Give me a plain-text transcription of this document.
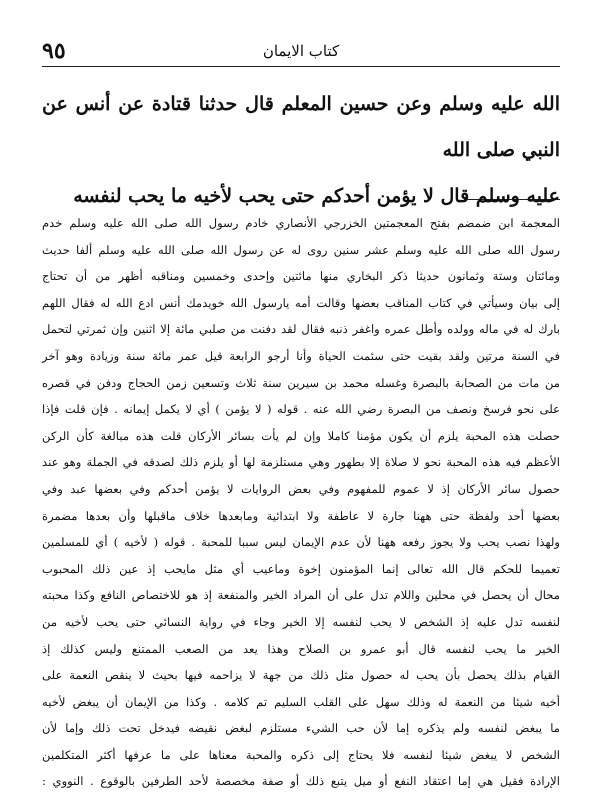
كتاب الايمان
٩٥
الله عليه وسلم وعن حسين المعلم قال حدثنا قتادة عن أنس عن النبي صلى الله
عليه وسلم قال لا يؤمن أحدكم حتى يحب لأخيه ما يحب لنفسه
المعجمة ابن ضمضم بفتح المعجمتين الخزرجي الأنصاري خادم رسول الله صلى الله عليه وسلم خدم
رسول الله صلى الله عليه وسلم عشر سنين روى له عن رسول الله صلى الله عليه وسلم ألفا حديث
ومائتان وستة وثمانون حديثا ذكر البخاري منها مائتين وإحدى وخمسين ومناقبه أظهر من أن تحتاج
إلى بيان وسيأتي في كتاب المناقب بعضها وقالت أمه يارسول الله خويدمك أنس ادع الله له فقال اللهم
بارك له في ماله وولده وأطل عمره واغفر ذنبه فقال لقد دفنت من صلبي مائة إلا اثنين وإن ثمرتي لتحمل
في السنة مرتين ولقد بقيت حتى سئمت الحياة وأنا أرجو الرابعة قيل عمر مائة سنة وزيادة وهو آخر
من مات من الصحابة بالبصرة وغسله محمد بن سيرين سنة ثلاث وتسعين زمن الحجاج ودفن في قصره
على نحو فرسخ ونصف من البصرة رضي الله عنه . قوله ( لا يؤمن ) أي لا يكمل إيمانه . فإن قلت فإذا
حصلت هذه المحبة يلزم أن يكون مؤمنا كاملا وإن لم يأت بسائر الأركان قلت هذه مبالغة كأن الركن
الأعظم فيه هذه المحبة نحو لا صلاة إلا بطهور وهي مستلزمة لها أو يلزم ذلك لصدقه في الجملة وهو عند
حصول سائر الأركان إذ لا عموم للمفهوم وفي بعض الروايات لا يؤمن أحدكم وفي بعضها عبد وفي
بعضها أحد ولفظة حتى ههنا جارة لا عاطفة ولا ابتدائية ومابعدها خلاف ماقبلها وأن بعدها مضمرة
ولهذا نصب يحب ولا يجوز رفعه ههنا لأن عدم الإيمان ليس سببا للمحبة . قوله ( لأخيه ) أي للمسلمين
تعميما للحكم قال الله تعالى إنما المؤمنون إخوة وماعيب أي مثل مايحب إذ عين ذلك المحبوب
محال أن يحصل في محلين واللام تدل على أن المراد الخير والمنفعة إذ هو للاختصاص النافع وكذا محبته
لنفسه تدل عليه إذ الشخص لا يحب لنفسه إلا الخير وجاء في رواية النسائي حتى يحب لأخيه من
الخير ما يحب لنفسه قال أبو عمرو بن الصلاح وهذا يعد من الصعب الممتنع وليس كذلك إذ
القيام بذلك يحصل بأن يحب له حصول مثل ذلك من جهة لا يزاحمه فيها بحيث لا ينقص النعمة على
أخيه شيئا من النعمة له وذلك سهل على القلب السليم تم كلامه . وكذا من الإيمان أن يبغض لأخيه
ما يبغض لنفسه ولم يذكره إما لأن حب الشيء مستلزم لبغض نقيضه فيدخل تحت ذلك وإما لأن
الشخص لا يبغض شيئا لنفسه فلا يحتاج إلى ذكره والمحبة معناها على ما عرفها أكثر المتكلمين
الإرادة فقيل هي إما اعتقاد النفع أو ميل يتبع ذلك أو صفة مخصصة لأحد الطرفين بالوقوع . النووي :
